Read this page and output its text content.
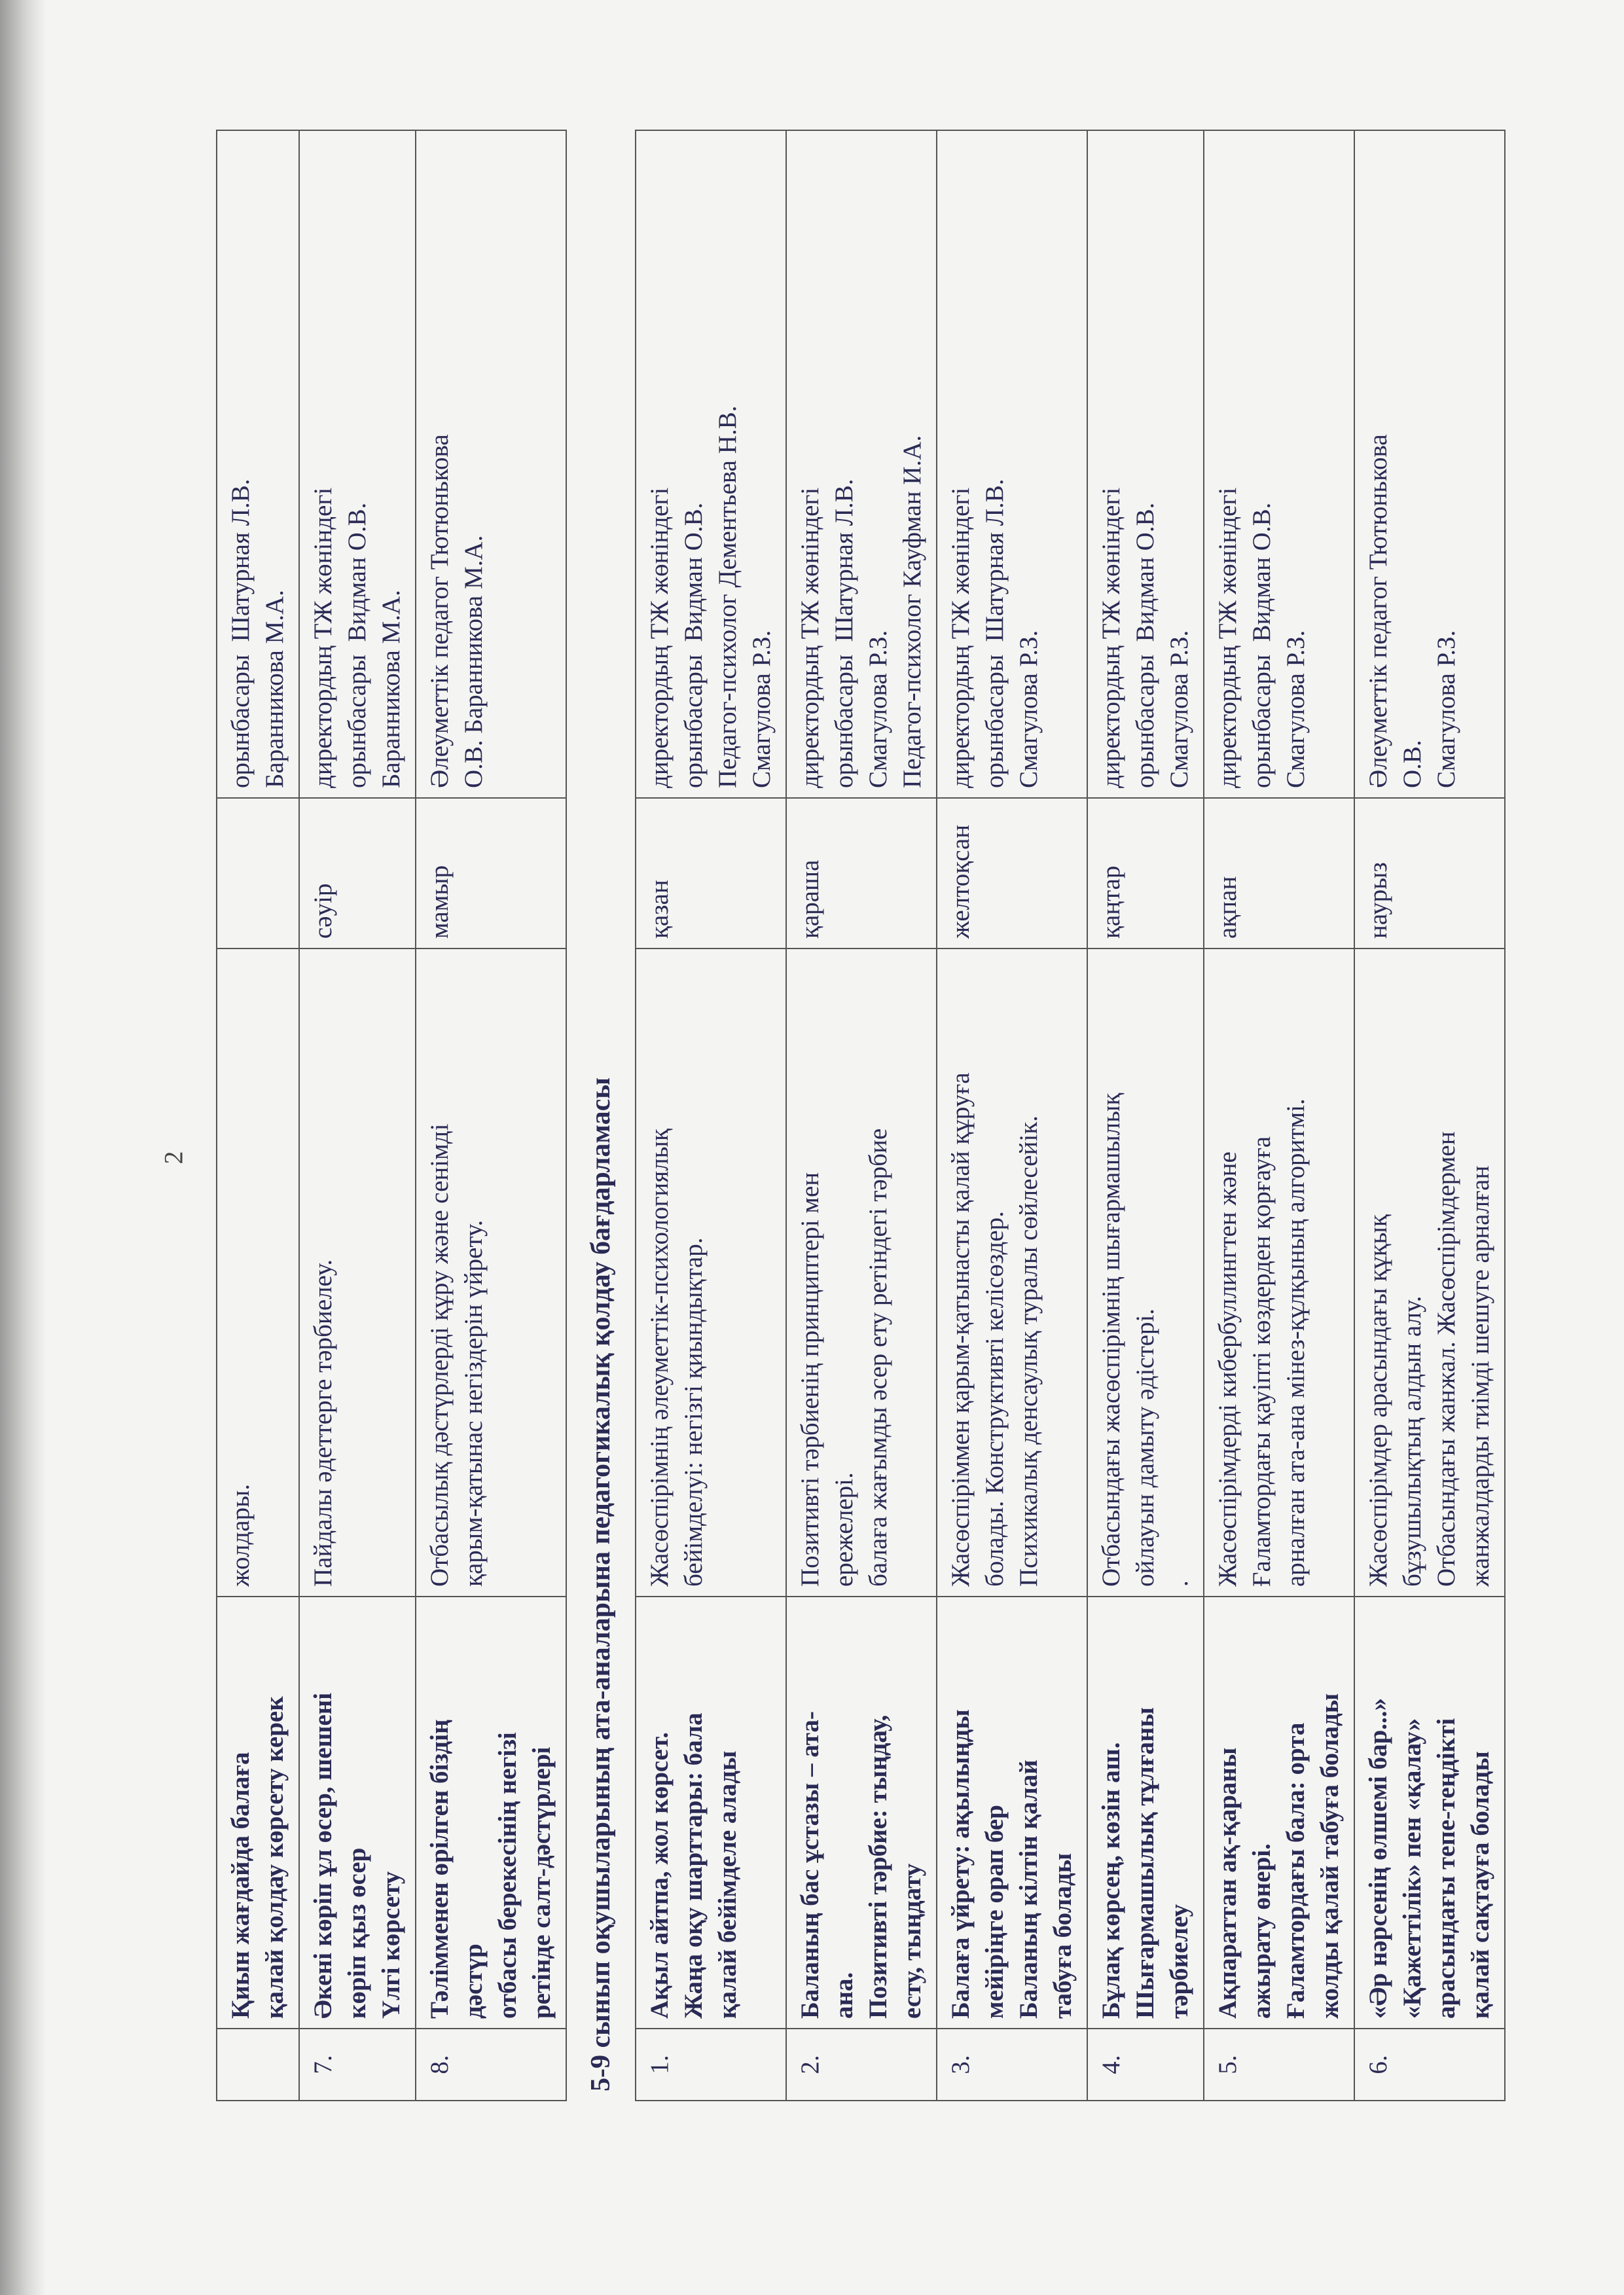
2

	Қиын жағдайда балаға қалай қолдау көрсету керек	жолдары.		орынбасары  Шатурная Л.В. Баранникова М.А.

7.	Әкені көріп ұл өсер, шешені көріп қыз өсер Үлгі көрсету	Пайдалы әдеттерге тәрбиелеу.	сәуір	директордың ТЖ жөніндегі орынбасары  Видман О.В. Баранникова М.А.

8.	Тәлімменен өрілген біздің дәстүр отбасы берекесінің негізі ретінде салт-дәстүрлері	Отбасылық дәстүрлерді құру және сенімді қарым-қатынас негіздерін үйрету.	мамыр	Әлеуметтік педагог Тютюнькова О.В. Баранникова М.А.

5-9 сынып оқушыларының ата-аналарына педагогикалық қолдау бағдарламасы				
1.	Ақыл айтпа, жол көрсет. Жаңа оқу шарттары: бала қалай бейімделе алады	Жасөспірімнің әлеуметтік-психологиялық бейімделуі: негізгі қиындықтар.	қазан	директордың ТЖ жөніндегі орынбасары  Видман О.В. Педагог-психолог Дементьева Н.В. Смагулова Р.З.

2.	Баланың бас ұстазы – ата- ана. Позитивті тәрбие: тыңдау, есту, тыңдату	Позитивті тәрбиенің принциптері мен ережелері. балаға жағымды әсер ету ретіндегі тәрбие	қараша	директордың ТЖ жөніндегі орынбасары  Шатурная Л.В. Смагулова Р.З. Педагог-психолог Кауфман И.А.

3.	Балаға үйрету: ақылыңды мейіріңге орап бер Баланың кілтін қалай табуға болады	Жасөспіріммен қарым-қатынасты қалай құруға болады. Конструктивті келісөздер. Психикалық денсаулық туралы сөйлесейік.	желтоқсан	директордың ТЖ жөніндегі орынбасары  Шатурная Л.В. Смагулова Р.З.

4.	Бұлақ көрсең, көзін аш. Шығармашылық тұлғаны тәрбиелеу	Отбасындағы жасөспірімнің шығармашылық ойлауын дамыту әдістері. .	қаңтар	директордың ТЖ жөніндегі орынбасары  Видман О.В. Смагулова Р.З.

5.	Ақпараттан ақ-қараны ажырату өнері. Ғаламтордағы бала: орта жолды қалай табуға болады	Жасөспірімдерді кибербуллингтен және Ғаламтордағы қауіпті көздерден қорғауға арналған ата-ана мінез-құлқының алгоритмі.	ақпан	директордың ТЖ жөніндегі орынбасары  Видман О.В. Смагулова Р.З.

6.	«Әр нәрсенің өлшемі бар...» «Қажеттілік» пен «қалау» арасындағы тепе-теңдікті қалай сақтауға болады	Жасөспірімдер арасындағы құқық бұзушылықтың алдын алу. Отбасындағы жанжал. Жасөспірімдермен жанжалдарды тиімді шешуге арналған	наурыз	Әлеуметтік педагог Тютюнькова О.В. Смагулова Р.З.
